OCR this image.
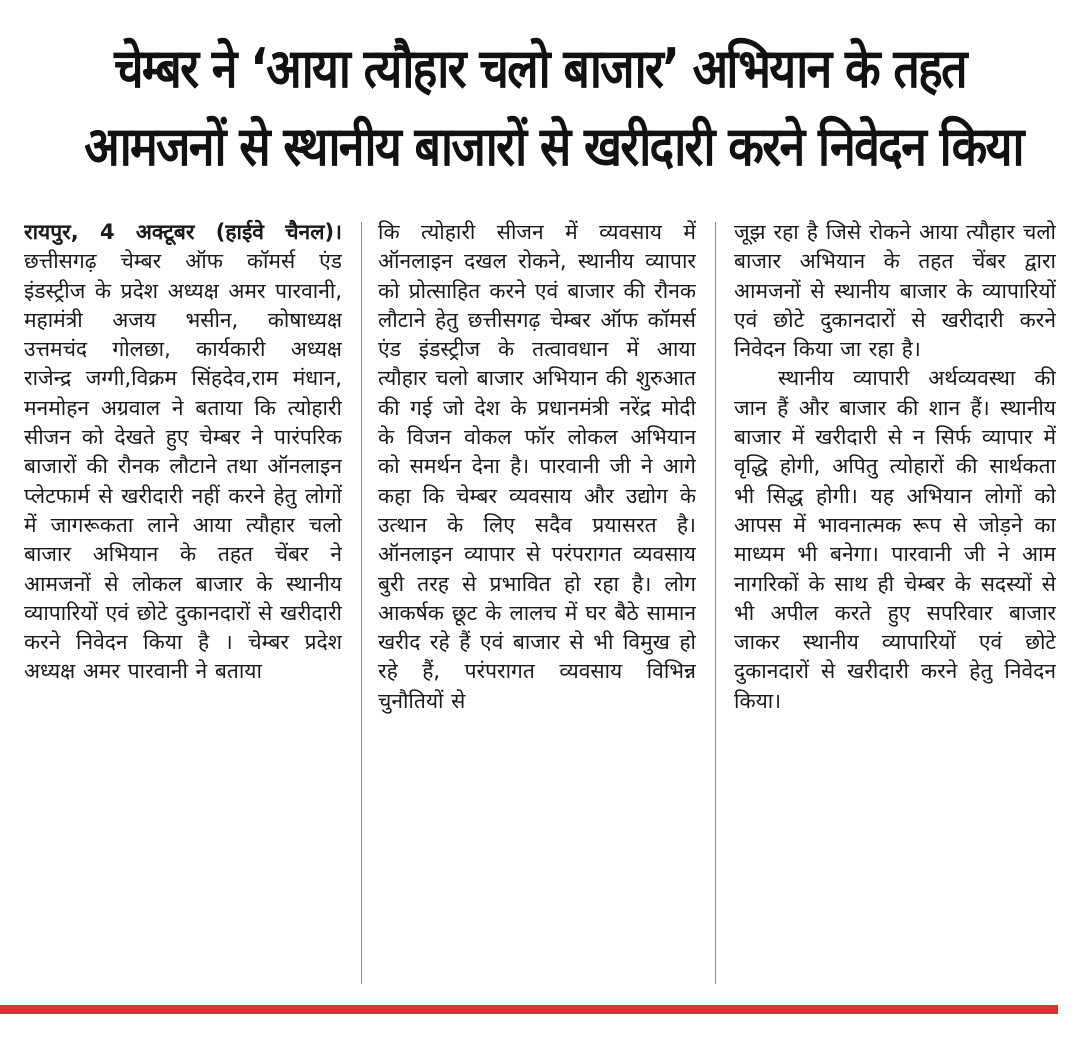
चेम्बर ने ‘आया त्यौहार चलो बाजार’ अभियान के तहत
आमजनों से स्थानीय बाजारों से खरीदारी करने निवेदन किया

रायपुर, 4 अक्टूबर (हाईवे चैनल)। छत्तीसगढ़ चेम्बर ऑफ कॉमर्स एंड इंडस्ट्रीज के प्रदेश अध्यक्ष अमर पारवानी, महामंत्री अजय भसीन, कोषाध्यक्ष उत्तमचंद गोलछा, कार्यकारी अध्यक्ष राजेन्द्र जग्गी,विक्रम सिंहदेव,राम मंधान, मनमोहन अग्रवाल ने बताया कि त्योहारी सीजन को देखते हुए चेम्बर ने पारंपरिक बाजारों की रौनक लौटाने तथा ऑनलाइन प्लेटफार्म से खरीदारी नहीं करने हेतु लोगों में जागरूकता लाने आया त्यौहार चलो बाजार अभियान के तहत चेंबर ने आमजनों से लोकल बाजार के स्थानीय व्यापारियों एवं छोटे दुकानदारों से खरीदारी करने निवेदन किया है । चेम्बर प्रदेश अध्यक्ष अमर पारवानी ने बताया

कि त्योहारी सीजन में व्यवसाय में ऑनलाइन दखल रोकने, स्थानीय व्यापार को प्रोत्साहित करने एवं बाजार की रौनक लौटाने हेतु छत्तीसगढ़ चेम्बर ऑफ कॉमर्स एंड इंडस्ट्रीज के तत्वावधान में आया त्यौहार चलो बाजार अभियान की शुरुआत की गई जो देश के प्रधानमंत्री नरेंद्र मोदी के विजन वोकल फॉर लोकल अभियान को समर्थन देना है। पारवानी जी ने आगे कहा कि चेम्बर व्यवसाय और उद्योग के उत्थान के लिए सदैव प्रयासरत है। ऑनलाइन व्यापार से परंपरागत व्यवसाय बुरी तरह से प्रभावित हो रहा है। लोग आकर्षक छूट के लालच में घर बैठे सामान खरीद रहे हैं एवं बाजार से भी विमुख हो रहे हैं, परंपरागत व्यवसाय विभिन्न चुनौतियों से

जूझ रहा है जिसे रोकने आया त्यौहार चलो बाजार अभियान के तहत चेंबर द्वारा आमजनों से स्थानीय बाजार के व्यापारियों एवं छोटे दुकानदारों से खरीदारी करने निवेदन किया जा रहा है।

स्थानीय व्यापारी अर्थव्यवस्था की जान हैं और बाजार की शान हैं। स्थानीय बाजार में खरीदारी से न सिर्फ व्यापार में वृद्धि होगी, अपितु त्योहारों की सार्थकता भी सिद्ध होगी। यह अभियान लोगों को आपस में भावनात्मक रूप से जोड़ने का माध्यम भी बनेगा। पारवानी जी ने आम नागरिकों के साथ ही चेम्बर के सदस्यों से भी अपील करते हुए सपरिवार बाजार जाकर स्थानीय व्यापारियों एवं छोटे दुकानदारों से खरीदारी करने हेतु निवेदन किया।
